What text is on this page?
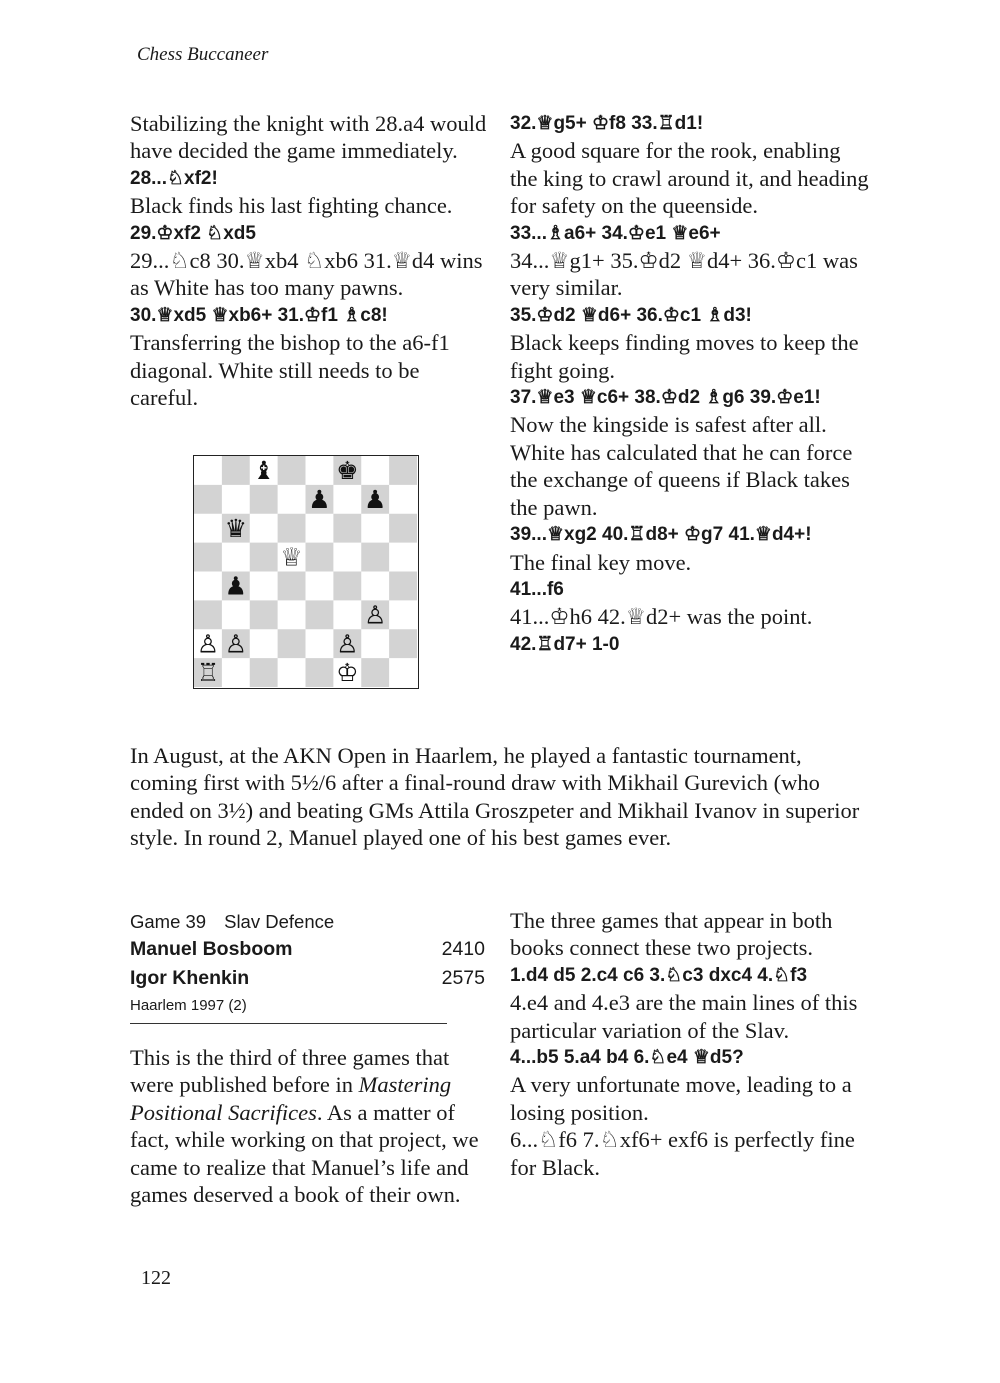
Chess Buccaneer

Stabilizing the knight with 28.a4 would have decided the game immediately.

28...♘xf2!

Black finds his last fighting chance.

29.♔xf2 ♘xd5

29...♘c8 30.♕xb4 ♘xb6 31.♕d4 wins as White has too many pawns.

30.♕xd5 ♕xb6+ 31.♔f1 ♗c8!

Transferring the bishop to the a6-f1 diagonal. White still needs to be careful.

32.♕g5+ ♔f8 33.♖d1!

A good square for the rook, enabling the king to crawl around it, and heading for safety on the queenside.

33...♗a6+ 34.♔e1 ♕e6+

34...♕g1+ 35.♔d2 ♕d4+ 36.♔c1 was very similar.

35.♔d2 ♕d6+ 36.♔c1 ♗d3!

Black keeps finding moves to keep the fight going.

37.♕e3 ♕c6+ 38.♔d2 ♗g6 39.♔e1!

Now the kingside is safest after all. White has calculated that he can force the exchange of queens if Black takes the pawn.

39...♕xg2 40.♖d8+ ♔g7 41.♕d4+!

The final key move.

41...f6

41...♔h6 42.♕d2+ was the point.

42.♖d7+ 1-0

♝ ♚
♟ ♟
♛
♕
♟
♙
♙ ♙	♙
♖	♔

In August, at the AKN Open in Haarlem, he played a fantastic tournament, coming first with 5½/6 after a final-round draw with Mikhail Gurevich (who ended on 3½) and beating GMs Attila Groszpeter and Mikhail Ivanov in superior style. In round 2, Manuel played one of his best games ever.

Game 39 Slav Defence
Manuel Bosboom	2410
Igor Khenkin	2575
Haarlem 1997 (2)

This is the third of three games that were published before in Mastering Positional Sacrifices. As a matter of fact, while working on that project, we came to realize that Manuel’s life and games deserved a book of their own.

The three games that appear in both books connect these two projects.

1.d4 d5 2.c4 c6 3.♘c3 dxc4 4.♘f3

4.e4 and 4.e3 are the main lines of this particular variation of the Slav.

4...b5 5.a4 b4 6.♘e4 ♕d5?

A very unfortunate move, leading to a losing position.

6...♘f6 7.♘xf6+ exf6 is perfectly fine for Black.

122
